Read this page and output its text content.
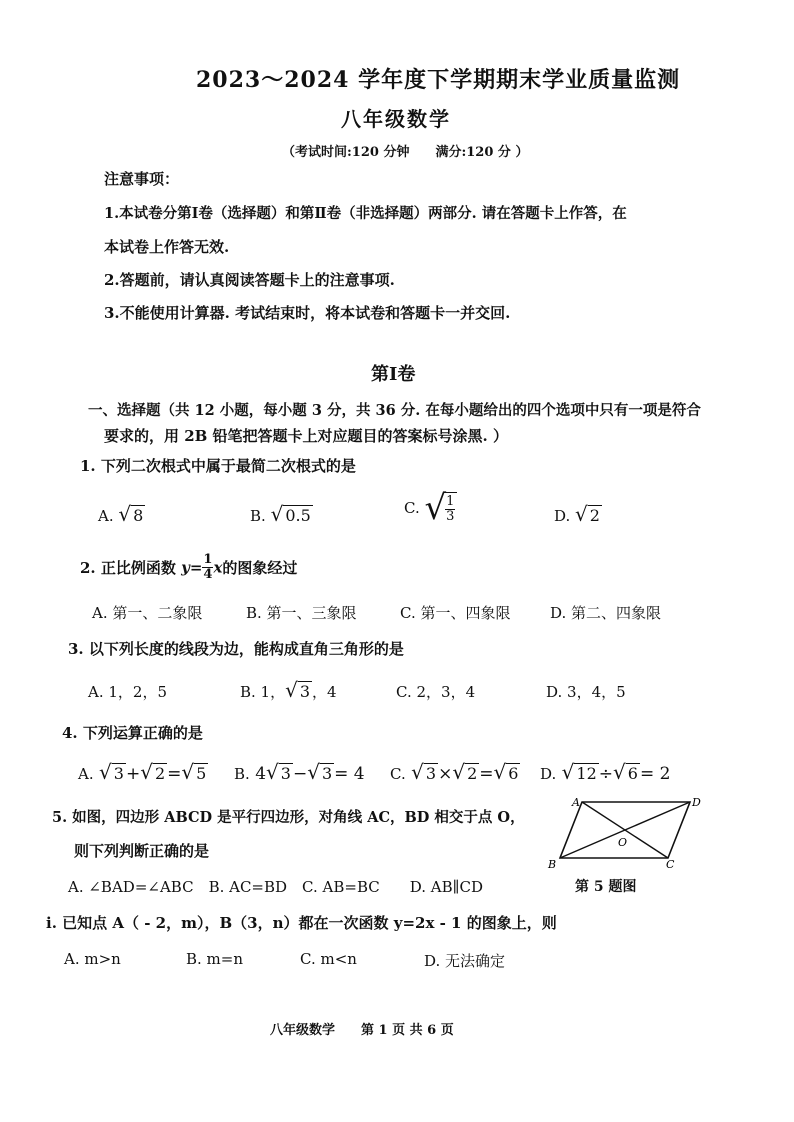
2023～2024 学年度下学期期末学业质量监测
八年级数学
（考试时间:120 分钟　　满分:120 分 ）
注意事项：
1.本试卷分第Ⅰ卷（选择题）和第Ⅱ卷（非选择题）两部分. 请在答题卡上作答，在
本试卷上作答无效.
2.答题前，请认真阅读答题卡上的注意事项.
3.不能使用计算器. 考试结束时，将本试卷和答题卡一并交回.
第Ⅰ卷
一、选择题（共 12 小题，每小题 3 分，共 36 分. 在每小题给出的四个选项中只有一项是符合
要求的，用 2B 铅笔把答题卡上对应题目的答案标号涂黑. ）
1. 下列二次根式中属于最简二次根式的是
A. √ 8	B. √ 0.5	C. √
$\frac{1}{3}$	D. √ 2
2. 正比例函数 $y= \frac{1}{4}$ x的图象经过
A. 第一、二象限	B. 第一、三象限	C. 第一、四象限	D. 第二、四象限
3. 以下列长度的线段为边，能构成直角三角形的是
A. 1，2，5	B. 1，√ 3 ，4	C. 2，3，4	D. 3，4，5
4. 下列运算正确的是
A. √ 3 +√ 2 =√ 5 B. 4√ 3 −√ 3 = 4 C. √ 3 ×√ 2 =√ 6 D. √ 12 ÷√ 6 = 2
5. 如图，四边形 ABCD 是平行四边形，对角线 AC，BD 相交于点 O，
则下列判断正确的是
A. ∠BAD=∠ABC　B. AC=BD　C. AB=BC　　D. AB∥CD
A	D
B	C
O
第 5 题图
i. 已知点 A（ - 2，m），B（3，n）都在一次函数 y=2x - 1 的图象上，则
A. m>n	B. m=n	C. m<n	D. 无法确定
八年级数学　　第 1 页 共 6 页
